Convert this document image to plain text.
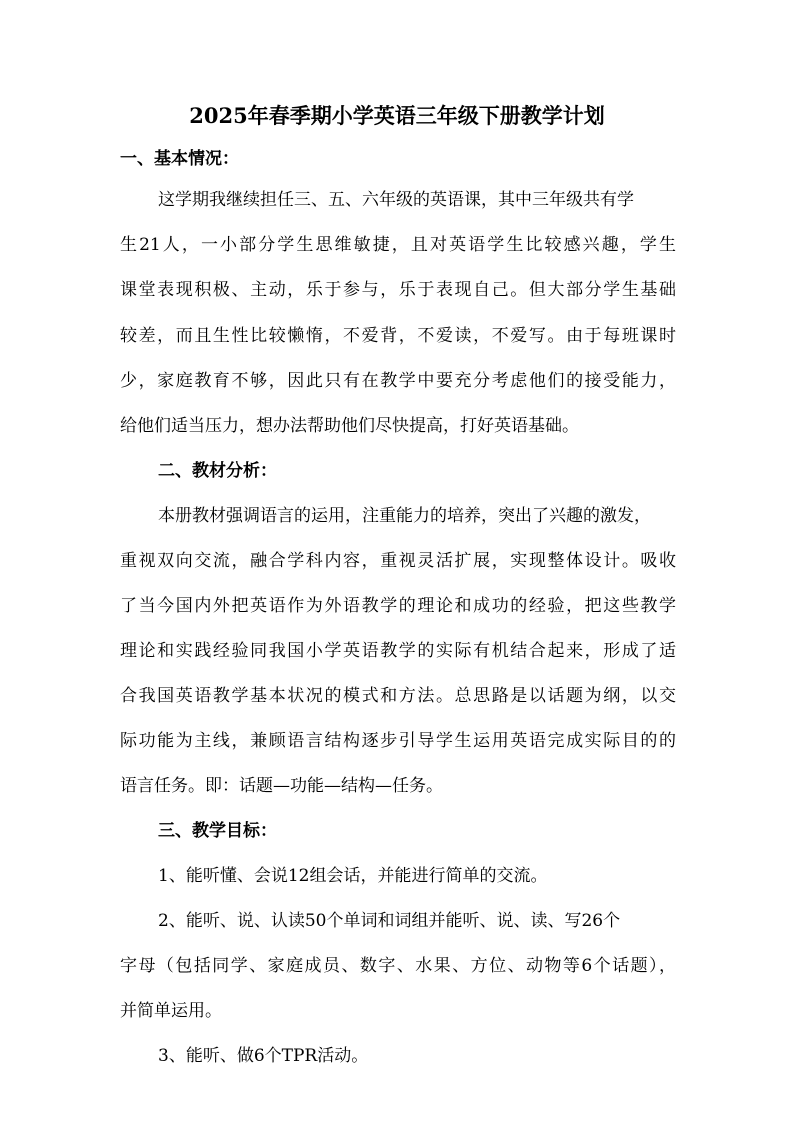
2025年春季期小学英语三年级下册教学计划
一、基本情况：
这学期我继续担任三、五、六年级的英语课，其中三年级共有学
生21人，一小部分学生思维敏捷，且对英语学生比较感兴趣，学生
课堂表现积极、主动，乐于参与，乐于表现自己。但大部分学生基础
较差，而且生性比较懒惰，不爱背，不爱读，不爱写。由于每班课时
少，家庭教育不够，因此只有在教学中要充分考虑他们的接受能力，
给他们适当压力，想办法帮助他们尽快提高，打好英语基础。
二、教材分析：
本册教材强调语言的运用，注重能力的培养，突出了兴趣的激发，
重视双向交流，融合学科内容，重视灵活扩展，实现整体设计。吸收
了当今国内外把英语作为外语教学的理论和成功的经验，把这些教学
理论和实践经验同我国小学英语教学的实际有机结合起来，形成了适
合我国英语教学基本状况的模式和方法。总思路是以话题为纲，以交
际功能为主线，兼顾语言结构逐步引导学生运用英语完成实际目的的
语言任务。即：话题—功能—结构—任务。
三、教学目标：
1、能听懂、会说12组会话，并能进行简单的交流。
2、能听、说、认读50个单词和词组并能听、说、读、写26个
字母（包括同学、家庭成员、数字、水果、方位、动物等6个话题），
并简单运用。
3、能听、做6个TPR活动。
